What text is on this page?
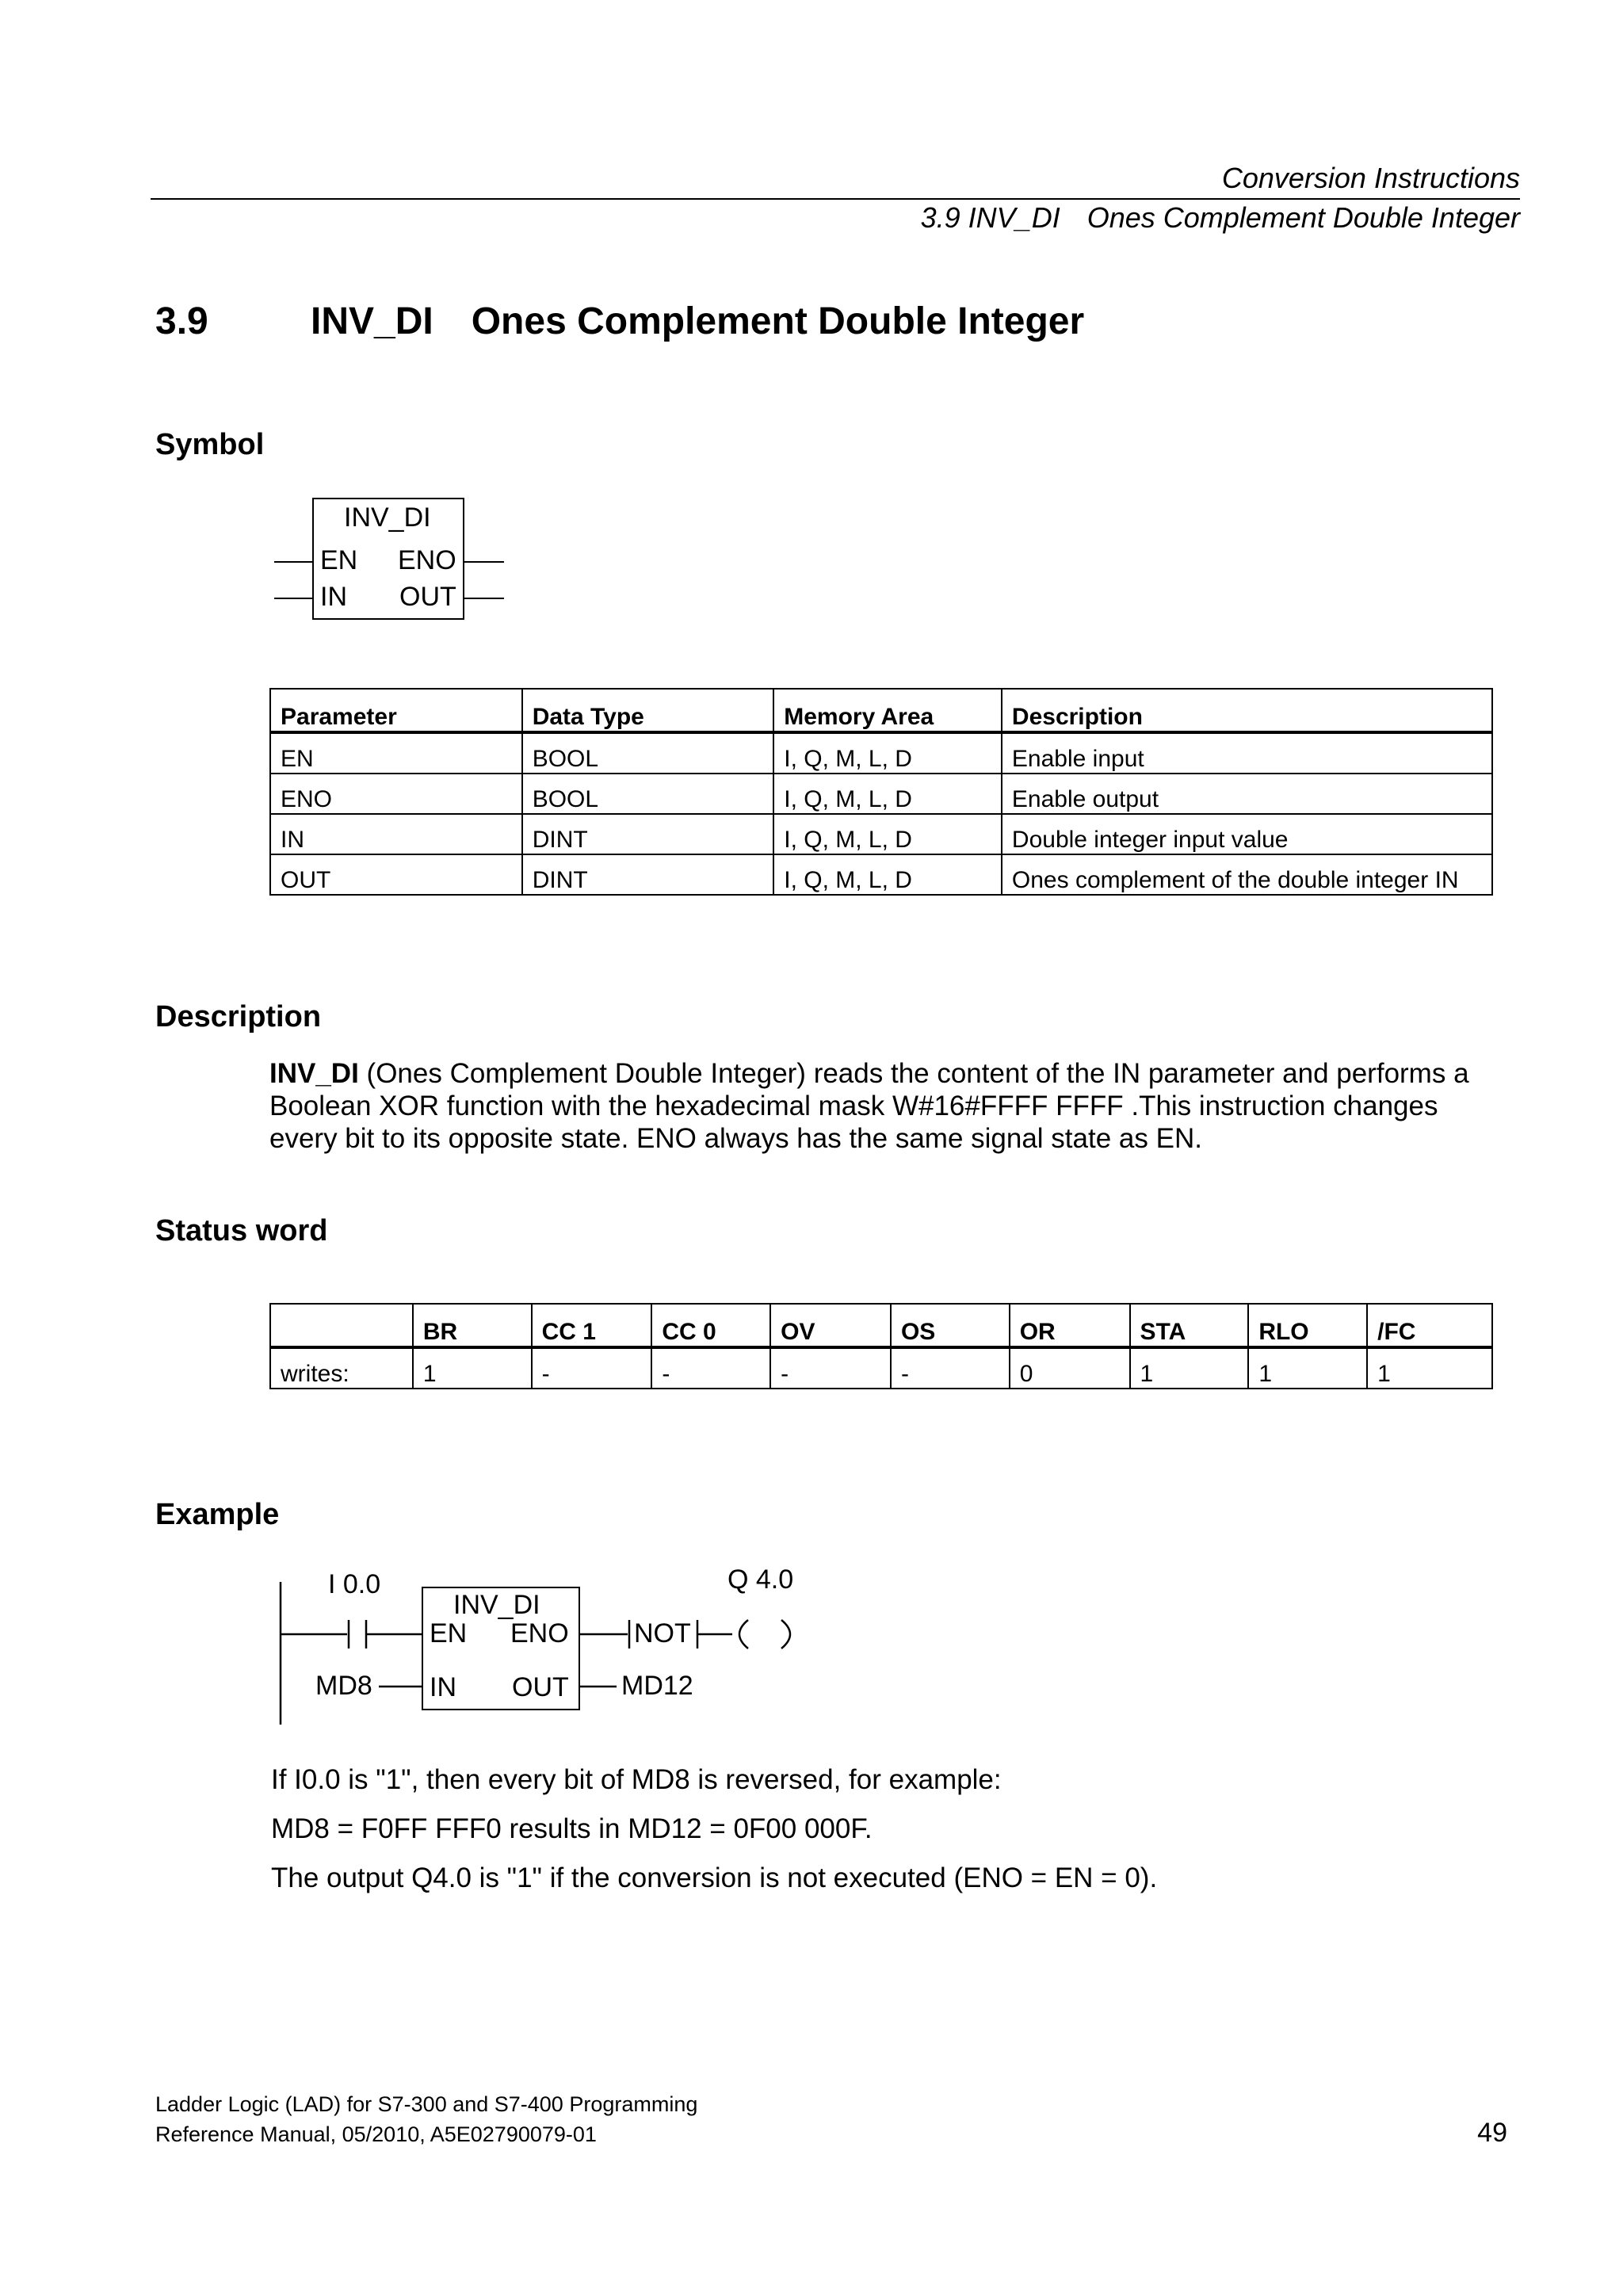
Conversion Instructions
3.9 INV_DI Ones Complement Double Integer
3.9	INV_DI Ones Complement Double Integer
Symbol
INV_DI
EN ENO
IN OUT
Parameter	Data Type	Memory Area	Description
EN	BOOL	I, Q, M, L, D	Enable input
ENO	BOOL	I, Q, M, L, D	Enable output
IN	DINT	I, Q, M, L, D	Double integer input value
OUT	DINT	I, Q, M, L, D	Ones complement of the double integer IN
Description
INV_DI (Ones Complement Double Integer) reads the content of the IN parameter and performs a Boolean XOR function with the hexadecimal mask W#16#FFFF FFFF .This instruction changes every bit to its opposite state. ENO always has the same signal state as EN.
Status word
	BR	CC 1	CC 0	OV	OS	OR	STA	RLO	/FC
writes:	1	-	-	-	-	0	1	1	1
Example
I 0.0
INV_DI
EN ENO
IN OUT
MD8	MD12
NOT
Q 4.0
If I0.0 is "1", then every bit of MD8 is reversed, for example:
MD8 = F0FF FFF0 results in MD12 = 0F00 000F.
The output Q4.0 is "1" if the conversion is not executed (ENO = EN = 0).
Ladder Logic (LAD) for S7-300 and S7-400 Programming
Reference Manual, 05/2010, A5E02790079-01	49
